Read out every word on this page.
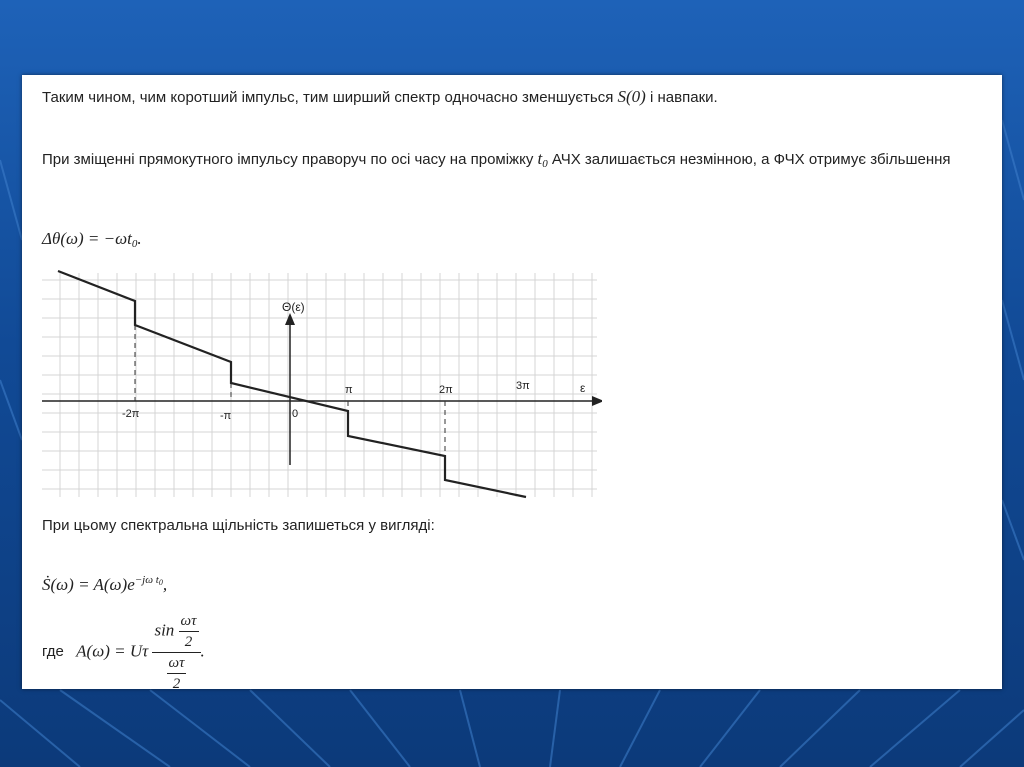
Таким чином, чим коротший імпульс, тим ширший спектр одночасно зменшується S(0) і навпаки.
При зміщенні прямокутного імпульсу праворуч по осі часу на проміжку $t_0$ АЧХ залишається незмінною, а ФЧХ отримує збільшення
$\Delta\theta(\omega) = -\omega t_0$.
Θ(ε)
ε
-2π	-π	0
π	2π	3π
При цьому спектральна щільність запишеться у вигляді:
Ṡ(ω) = $A(\omega)e^{-j\omega t0}$,
где A(ω) = Uτ $\frac{\sin \frac{\omega\tau}{2}}{\frac{\omega\tau}{2}}$ .
